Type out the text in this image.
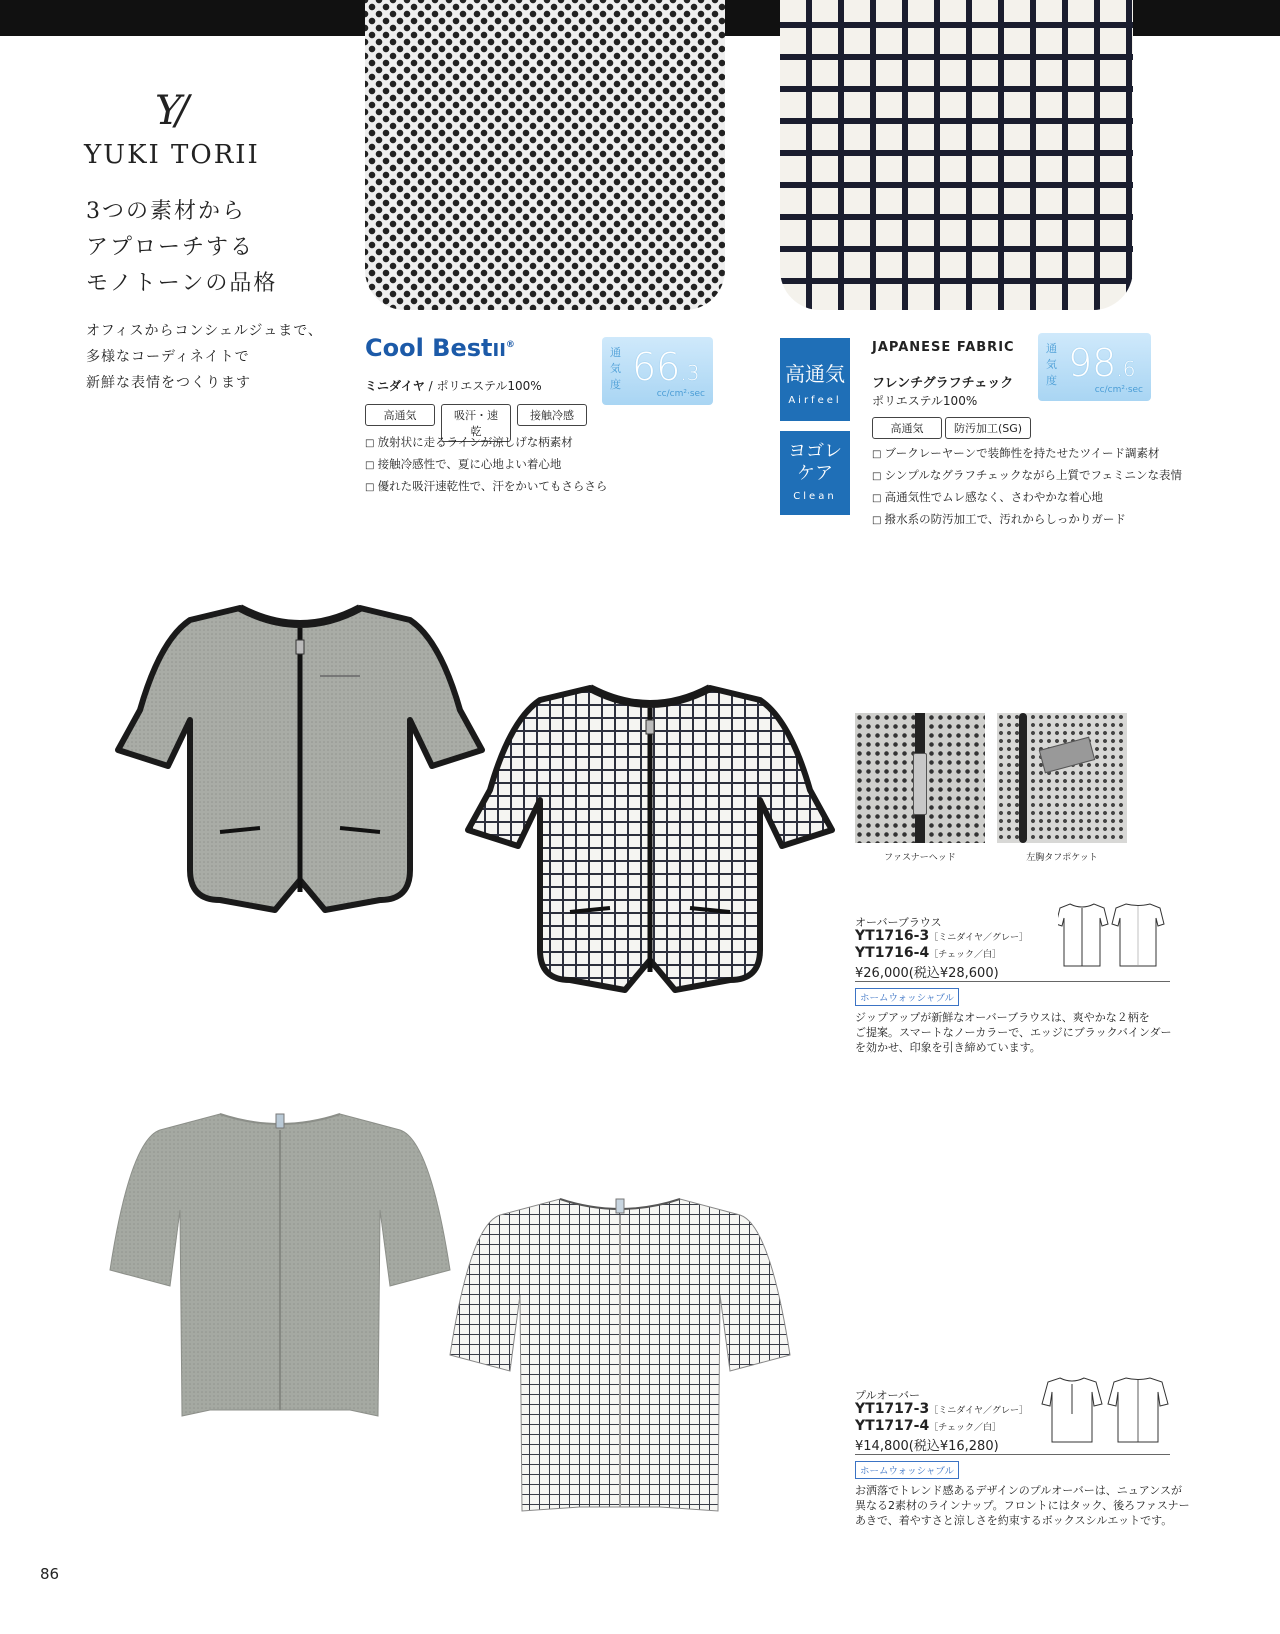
Y/
YUKI TORII
3つの素材から
アプローチする
モノトーンの品格
オフィスからコンシェルジュまで、
多様なコーディネイトで
新鮮な表情をつくります
Cool BestII®
ミニダイヤ / ポリエステル100%
高通気	吸汗・速乾
接触冷感
□ 放射状に走るラインが涼しげな柄素材
□ 接触冷感性で、夏に心地よい着心地
□ 優れた吸汗速乾性で、汗をかいてもさらさら
通気度 66.3
cc/cm²·sec
高通気
Airfeel
ヨゴレ
ケア
Clean
JAPANESE FABRIC
フレンチグラフチェック
ポリエステル100%
高通気	防汚加工(SG)
□ ブークレーヤーンで装飾性を持たせたツイード調素材
□ シンプルなグラフチェックながら上質でフェミニンな表情
□ 高通気性でムレ感なく、さわやかな着心地
□ 撥水系の防汚加工で、汚れからしっかりガード
通気度 98.6
cc/cm²·sec
ファスナーヘッド	左胸タフポケット
オーバーブラウス
YT1716-3［ミニダイヤ／グレー］
YT1716-4［チェック／白］
¥26,000(税込¥28,600)
ホームウォッシャブル
ジップアップが新鮮なオーバーブラウスは、爽やかな２柄を
ご提案。スマートなノーカラーで、エッジにブラックバインダー
を効かせ、印象を引き締めています。
プルオーバー
YT1717-3［ミニダイヤ／グレー］
YT1717-4［チェック／白］
¥14,800(税込¥16,280)
ホームウォッシャブル
お洒落でトレンド感あるデザインのプルオーバーは、ニュアンスが
異なる2素材のラインナップ。フロントにはタック、後ろファスナー
あきで、着やすさと涼しさを約束するボックスシルエットです。
86
